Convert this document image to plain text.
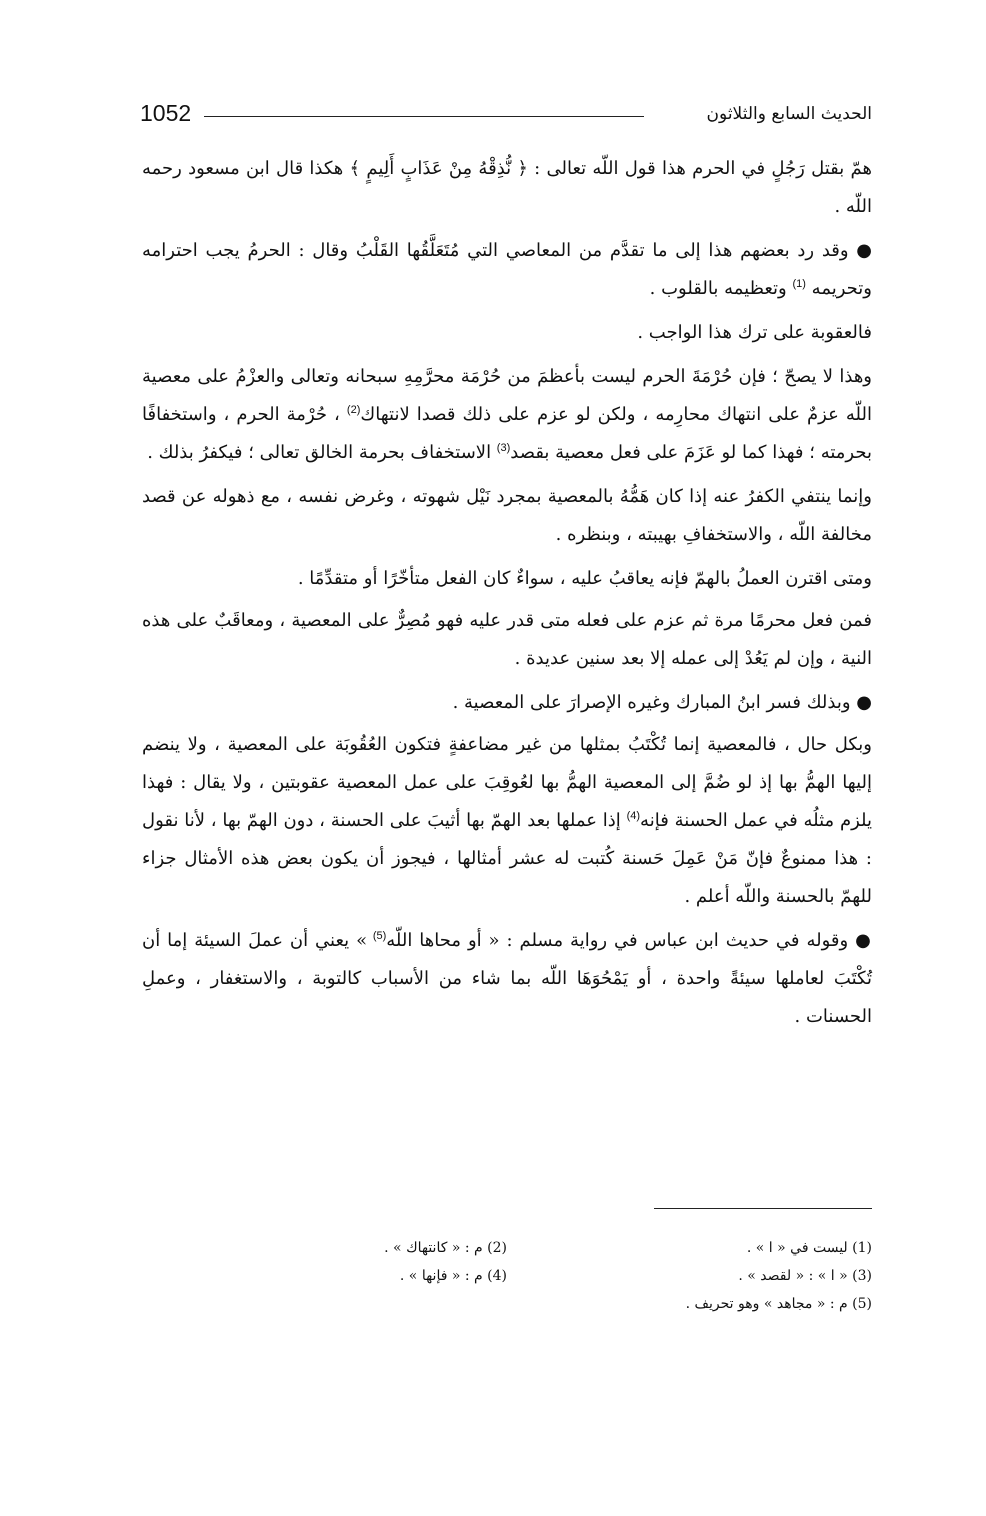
1052	الحديث السابع والثلاثون

همّ بقتل رَجُلٍ في الحرم هذا قول اللّه تعالى : ﴿ نُّذِقْهُ مِنْ عَذَابٍ أَلِيمٍ ﴾ هكذا قال ابن مسعود رحمه اللّه .

● وقد رد بعضهم هذا إلى ما تقدَّم من المعاصي التي مُتَعَلَّقُها القَلْبُ وقال : الحرمُ يجب احترامه وتحريمه $^{(1)}$ وتعظيمه بالقلوب .

فالعقوبة على ترك هذا الواجب .

وهذا لا يصحّ ؛ فإن حُرْمَةَ الحرم ليست بأعظمَ من حُرْمَة محرَّمِهِ سبحانه وتعالى والعزْمُ على معصية اللّه عزمٌ على انتهاك محارِمه ، ولكن لو عزم على ذلك قصدا لانتهاك$^{(2)}$ ، حُرْمة الحرم ، واستخفافًا بحرمته ؛ فهذا كما لو عَزَمَ على فعل معصية بقصد$^{(3)}$ الاستخفاف بحرمة الخالق تعالى ؛ فيكفرُ بذلك .

وإنما ينتفي الكفرُ عنه إذا كان هَمُّهُ بالمعصية بمجرد نَيْل شهوته ، وغرض نفسه ، مع ذهوله عن قصد مخالفة اللّه ، والاستخفافِ بهيبته ، وبنظره .

ومتى اقترن العملُ بالهمّ فإنه يعاقبُ عليه ، سواءٌ كان الفعل متأخّرًا أو متقدِّمًا .

فمن فعل محرمًا مرة ثم عزم على فعله متى قدر عليه فهو مُصِرٌّ على المعصية ، ومعاقَبٌ على هذه النية ، وإن لم يَعُدْ إلى عمله إلا بعد سنين عديدة .

● وبذلك فسر ابنُ المبارك وغيره الإصرارَ على المعصية .

وبكل حال ، فالمعصية إنما تُكْتَبُ بمثلها من غير مضاعفةٍ فتكون العُقُوبَة على المعصية ، ولا ينضم إليها الهمُّ بها إذ لو ضُمَّ إلى المعصية الهمُّ بها لعُوقِبَ على عمل المعصية عقوبتين ، ولا يقال : فهذا يلزم مثلُه في عمل الحسنة فإنه$^{(4)}$ إذا عملها بعد الهمّ بها أثيبَ على الحسنة ، دون الهمّ بها ، لأنا نقول : هذا ممنوعٌ فإنّ مَنْ عَمِلَ حَسنة كُتبت له عشر أمثالها ، فيجوز أن يكون بعض هذه الأمثال جزاء للهمّ بالحسنة واللّه أعلم .

● وقوله في حديث ابن عباس في رواية مسلم : « أو محاها اللّه$^{(5)}$ » يعني أن عملَ السيئة إما أن تُكْتَبَ لعاملها سيئةً واحدة ، أو يَمْحُوَهَا اللّه بما شاء من الأسباب كالتوبة ، والاستغفار ، وعملِ الحسنات .

(1) ليست في « ا » .
(2) م : « كانتهاك » .
(3) « ا » : « لقصد » .
(4) م : « فإنها » .
(5) م : « مجاهد » وهو تحريف .
